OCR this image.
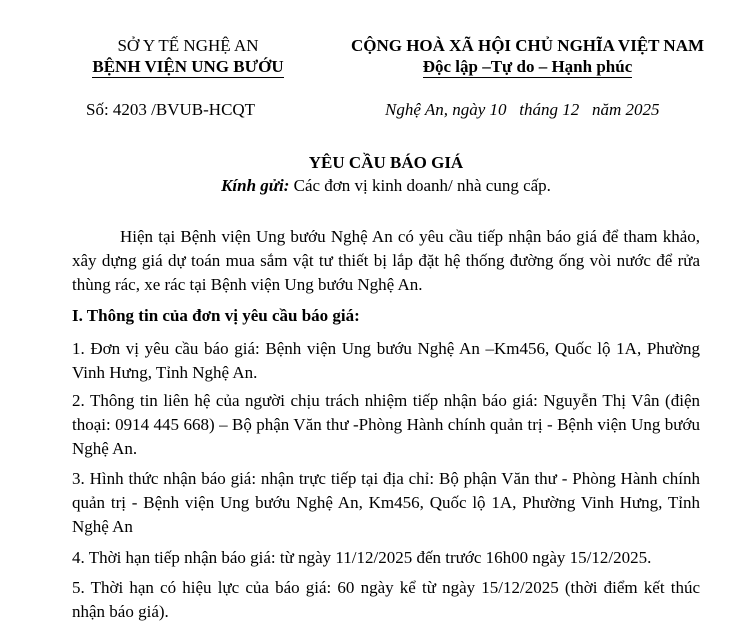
SỞ Y TẾ NGHỆ AN
BỆNH VIỆN UNG BƯỚU
CỘNG HOÀ XÃ HỘI CHỦ NGHĨA VIỆT NAM
Độc lập –Tự do – Hạnh phúc
Số: 4203 /BVUB-HCQT	Nghệ An, ngày 10   tháng 12   năm 2025
YÊU CẦU BÁO GIÁ
Kính gửi: Các đơn vị kinh doanh/ nhà cung cấp.
Hiện tại Bệnh viện Ung bướu Nghệ An có yêu cầu tiếp nhận báo giá để tham khảo, xây dựng giá dự toán mua sắm vật tư thiết bị lắp đặt hệ thống đường ống vòi nước để rửa thùng rác, xe rác tại Bệnh viện Ung bướu Nghệ An.
I. Thông tin của đơn vị yêu cầu báo giá:
1. Đơn vị yêu cầu báo giá: Bệnh viện Ung bướu Nghệ An –Km456, Quốc lộ 1A, Phường Vinh Hưng, Tỉnh Nghệ An.
2. Thông tin liên hệ của người chịu trách nhiệm tiếp nhận báo giá: Nguyễn Thị Vân (điện thoại: 0914 445 668) – Bộ phận Văn thư -Phòng Hành chính quản trị - Bệnh viện Ung bướu Nghệ An.
3. Hình thức nhận báo giá: nhận trực tiếp tại địa chỉ: Bộ phận Văn thư - Phòng Hành chính quản trị - Bệnh viện Ung bướu Nghệ An, Km456, Quốc lộ 1A, Phường Vinh Hưng, Tỉnh Nghệ An
4. Thời hạn tiếp nhận báo giá: từ ngày 11/12/2025 đến trước 16h00 ngày 15/12/2025.
5. Thời hạn có hiệu lực của báo giá: 60 ngày kể từ ngày 15/12/2025 (thời điểm kết thúc nhận báo giá).
